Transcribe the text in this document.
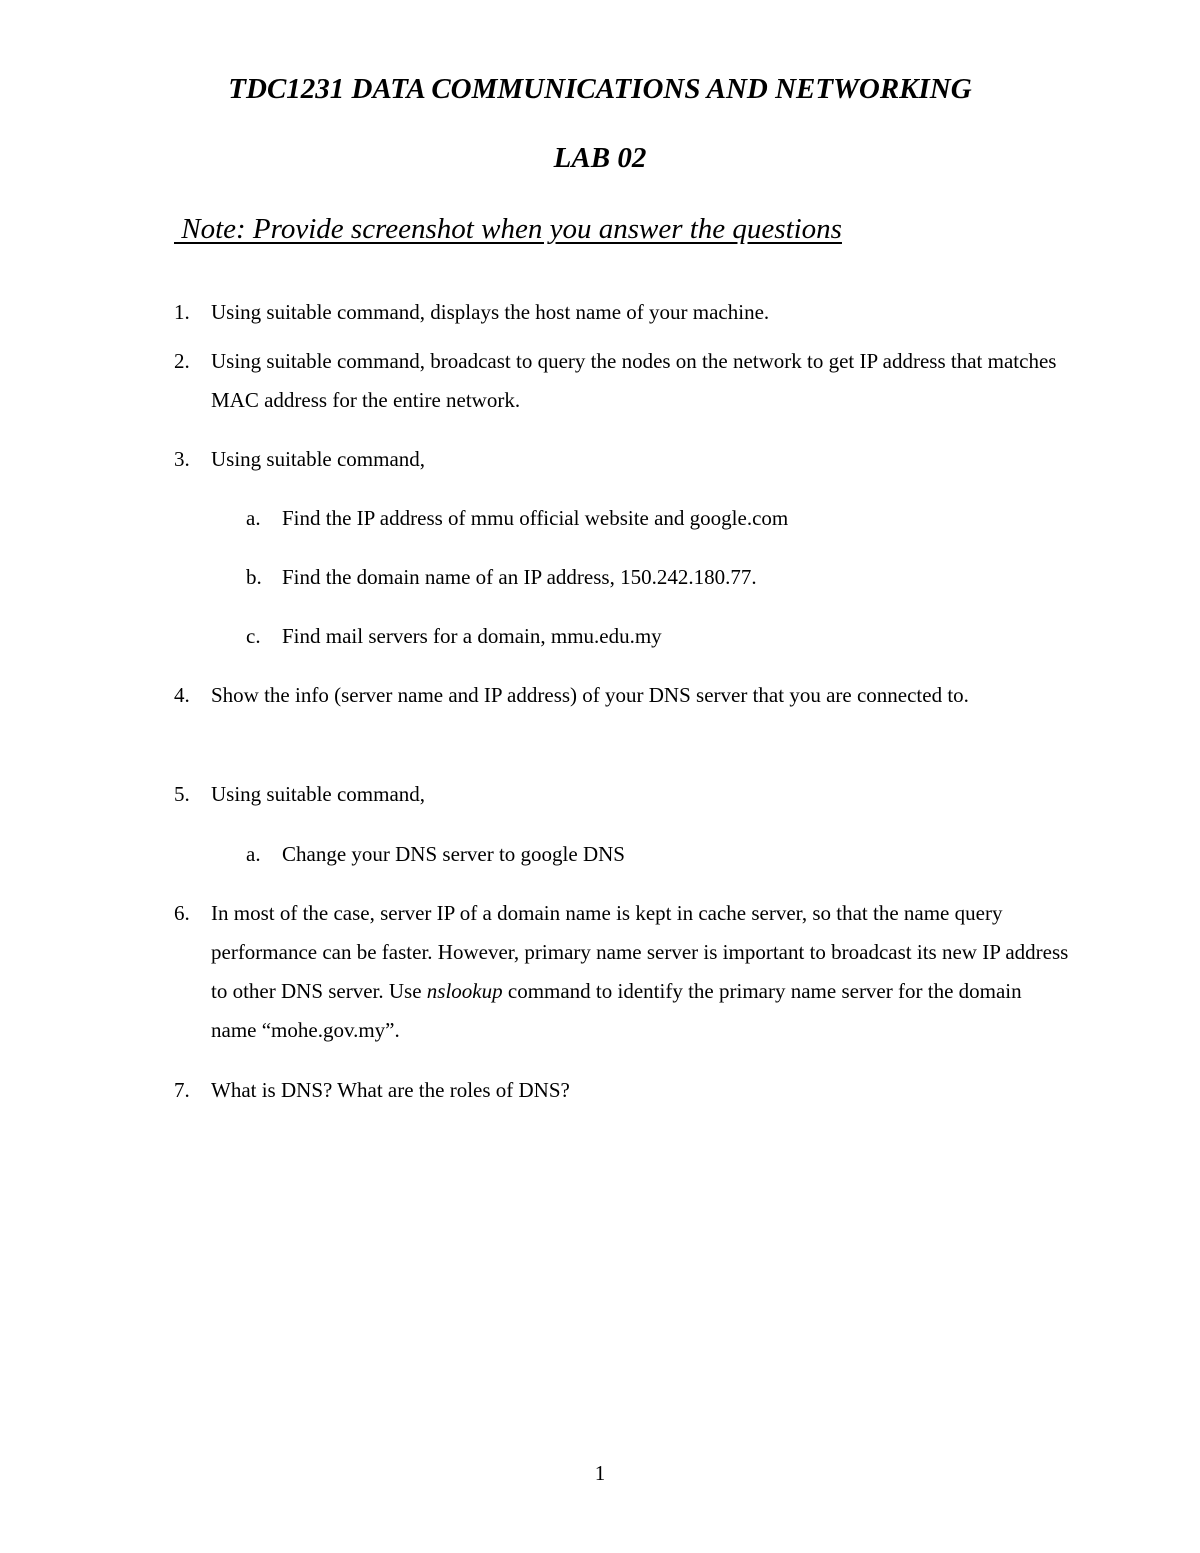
TDC1231 DATA COMMUNICATIONS AND NETWORKING
LAB 02
Note: Provide screenshot when you answer the questions
1. Using suitable command, displays the host name of your machine.
2. Using suitable command, broadcast to query the nodes on the network to get IP address that matches MAC address for the entire network.
3. Using suitable command,
a. Find the IP address of mmu official website and google.com
b. Find the domain name of an IP address, 150.242.180.77.
c. Find mail servers for a domain, mmu.edu.my
4. Show the info (server name and IP address) of your DNS server that you are connected to.
5. Using suitable command,
a. Change your DNS server to google DNS
6. In most of the case, server IP of a domain name is kept in cache server, so that the name query performance can be faster. However, primary name server is important to broadcast its new IP address to other DNS server. Use nslookup command to identify the primary name server for the domain name “mohe.gov.my”.
7. What is DNS? What are the roles of DNS?
1
